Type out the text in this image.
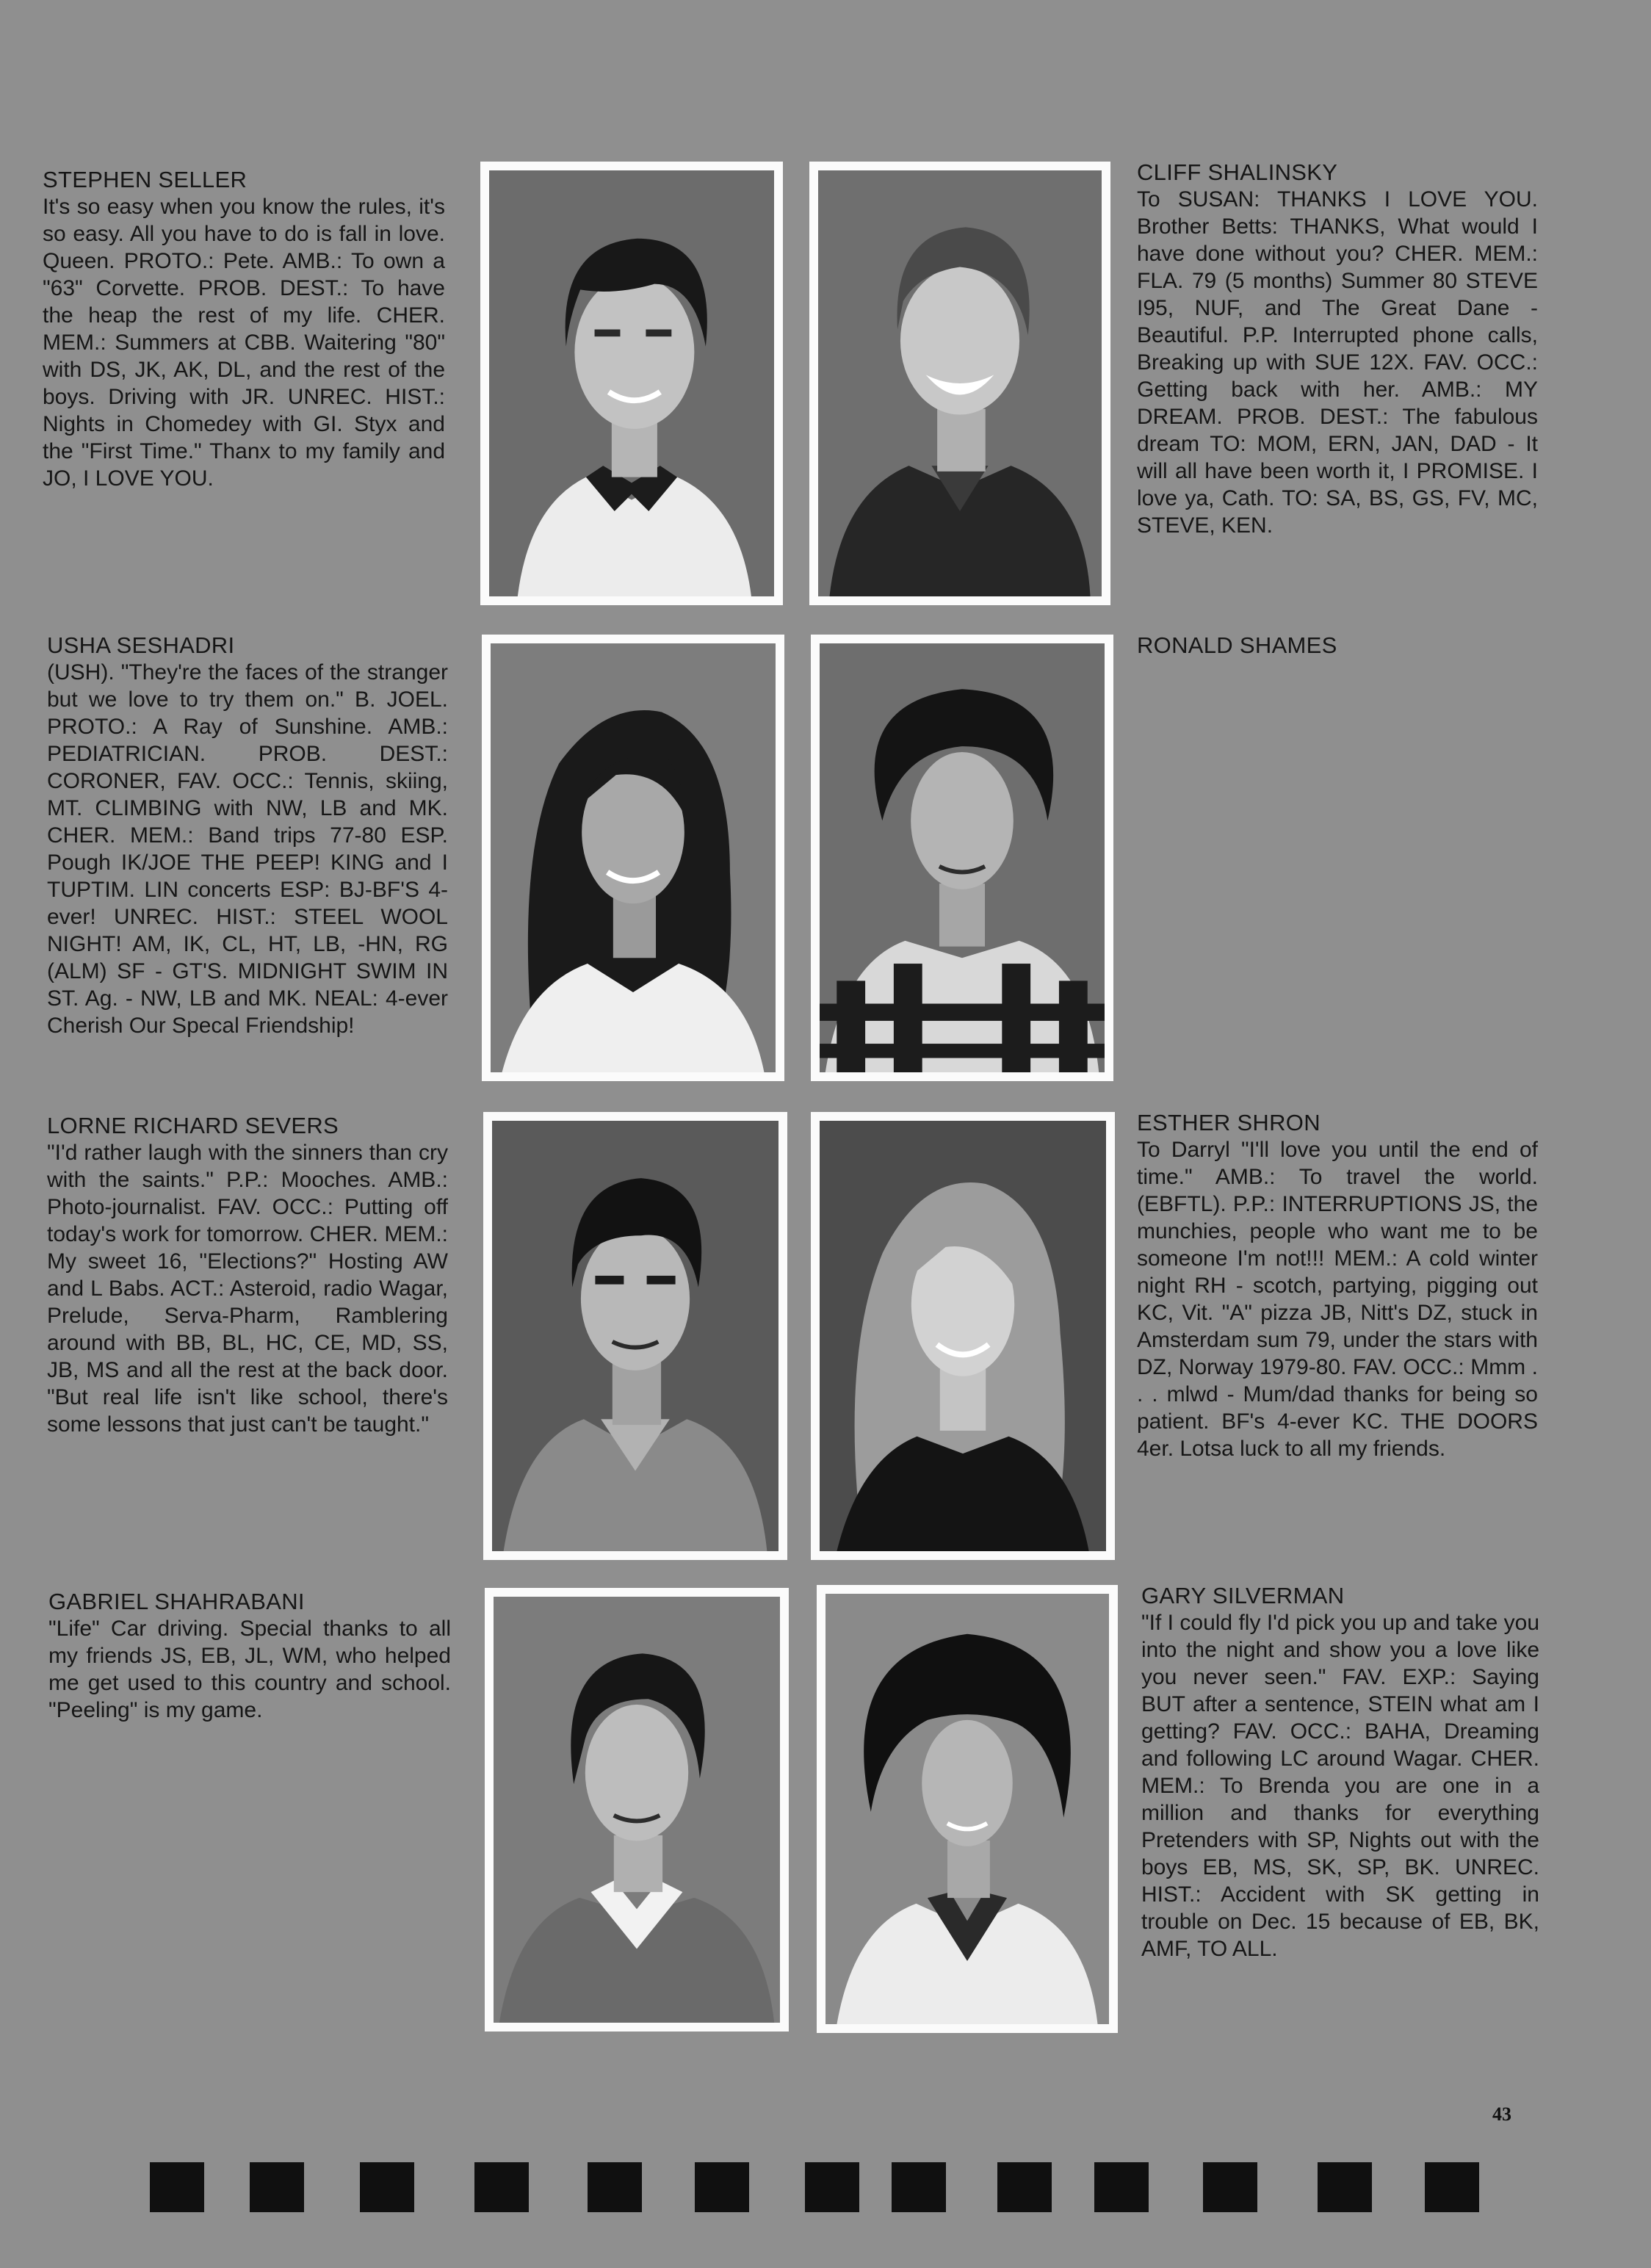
STEPHEN SELLER
It's so easy when you know the rules, it's so easy. All you have to do is fall in love. Queen. PROTO.: Pete. AMB.: To own a "63" Corvette. PROB. DEST.: To have the heap the rest of my life. CHER. MEM.: Summers at CBB. Waitering "80" with DS, JK, AK, DL, and the rest of the boys. Driving with JR. UNREC. HIST.: Nights in Chomedey with GI. Styx and the "First Time." Thanx to my family and JO, I LOVE YOU.
CLIFF SHALINSKY
To SUSAN: THANKS I LOVE YOU. Brother Betts: THANKS, What would I have done without you? CHER. MEM.: FLA. 79 (5 months) Summer 80 STEVE I95, NUF, and The Great Dane - Beautiful. P.P. Interrupted phone calls, Breaking up with SUE 12X. FAV. OCC.: Getting back with her. AMB.: MY DREAM. PROB. DEST.: The fabulous dream TO: MOM, ERN, JAN, DAD - It will all have been worth it, I PROMISE. I love ya, Cath. TO: SA, BS, GS, FV, MC, STEVE, KEN.
USHA SESHADRI
(USH). "They're the faces of the stranger but we love to try them on." B. JOEL. PROTO.: A Ray of Sunshine. AMB.: PEDIATRICIAN. PROB. DEST.: CORONER, FAV. OCC.: Tennis, skiing, MT. CLIMBING with NW, LB and MK. CHER. MEM.: Band trips 77-80 ESP. Pough IK/JOE THE PEEP! KING and I TUPTIM. LIN concerts ESP: BJ-BF'S 4-ever! UNREC. HIST.: STEEL WOOL NIGHT! AM, IK, CL, HT, LB, -HN, RG (ALM) SF - GT'S. MIDNIGHT SWIM IN ST. Ag. - NW, LB and MK. NEAL: 4-ever Cherish Our Specal Friendship!
RONALD SHAMES
LORNE RICHARD SEVERS
"I'd rather laugh with the sinners than cry with the saints." P.P.: Mooches. AMB.: Photo-journalist. FAV. OCC.: Putting off today's work for tomorrow. CHER. MEM.: My sweet 16, "Elections?" Hosting AW and L Babs. ACT.: Asteroid, radio Wagar, Prelude, Serva-Pharm, Ramblering around with BB, BL, HC, CE, MD, SS, JB, MS and all the rest at the back door. "But real life isn't like school, there's some lessons that just can't be taught."
ESTHER SHRON
To Darryl "I'll love you until the end of time." AMB.: To travel the world. (EBFTL). P.P.: INTERRUPTIONS JS, the munchies, people who want me to be someone I'm not!!! MEM.: A cold winter night RH - scotch, partying, pigging out KC, Vit. "A" pizza JB, Nitt's DZ, stuck in Amsterdam sum 79, under the stars with DZ, Norway 1979-80. FAV. OCC.: Mmm . . . mlwd - Mum/dad thanks for being so patient. BF's 4-ever KC. THE DOORS 4er. Lotsa luck to all my friends.
GABRIEL SHAHRABANI
"Life" Car driving. Special thanks to all my friends JS, EB, JL, WM, who helped me get used to this country and school. "Peeling" is my game.
GARY SILVERMAN
"If I could fly I'd pick you up and take you into the night and show you a love like you never seen." FAV. EXP.: Saying BUT after a sentence, STEIN what am I getting? FAV. OCC.: BAHA, Dreaming and following LC around Wagar. CHER. MEM.: To Brenda you are one in a million and thanks for everything Pretenders with SP, Nights out with the boys EB, MS, SK, SP, BK. UNREC. HIST.: Accident with SK getting in trouble on Dec. 15 because of EB, BK, AMF, TO ALL.
43
